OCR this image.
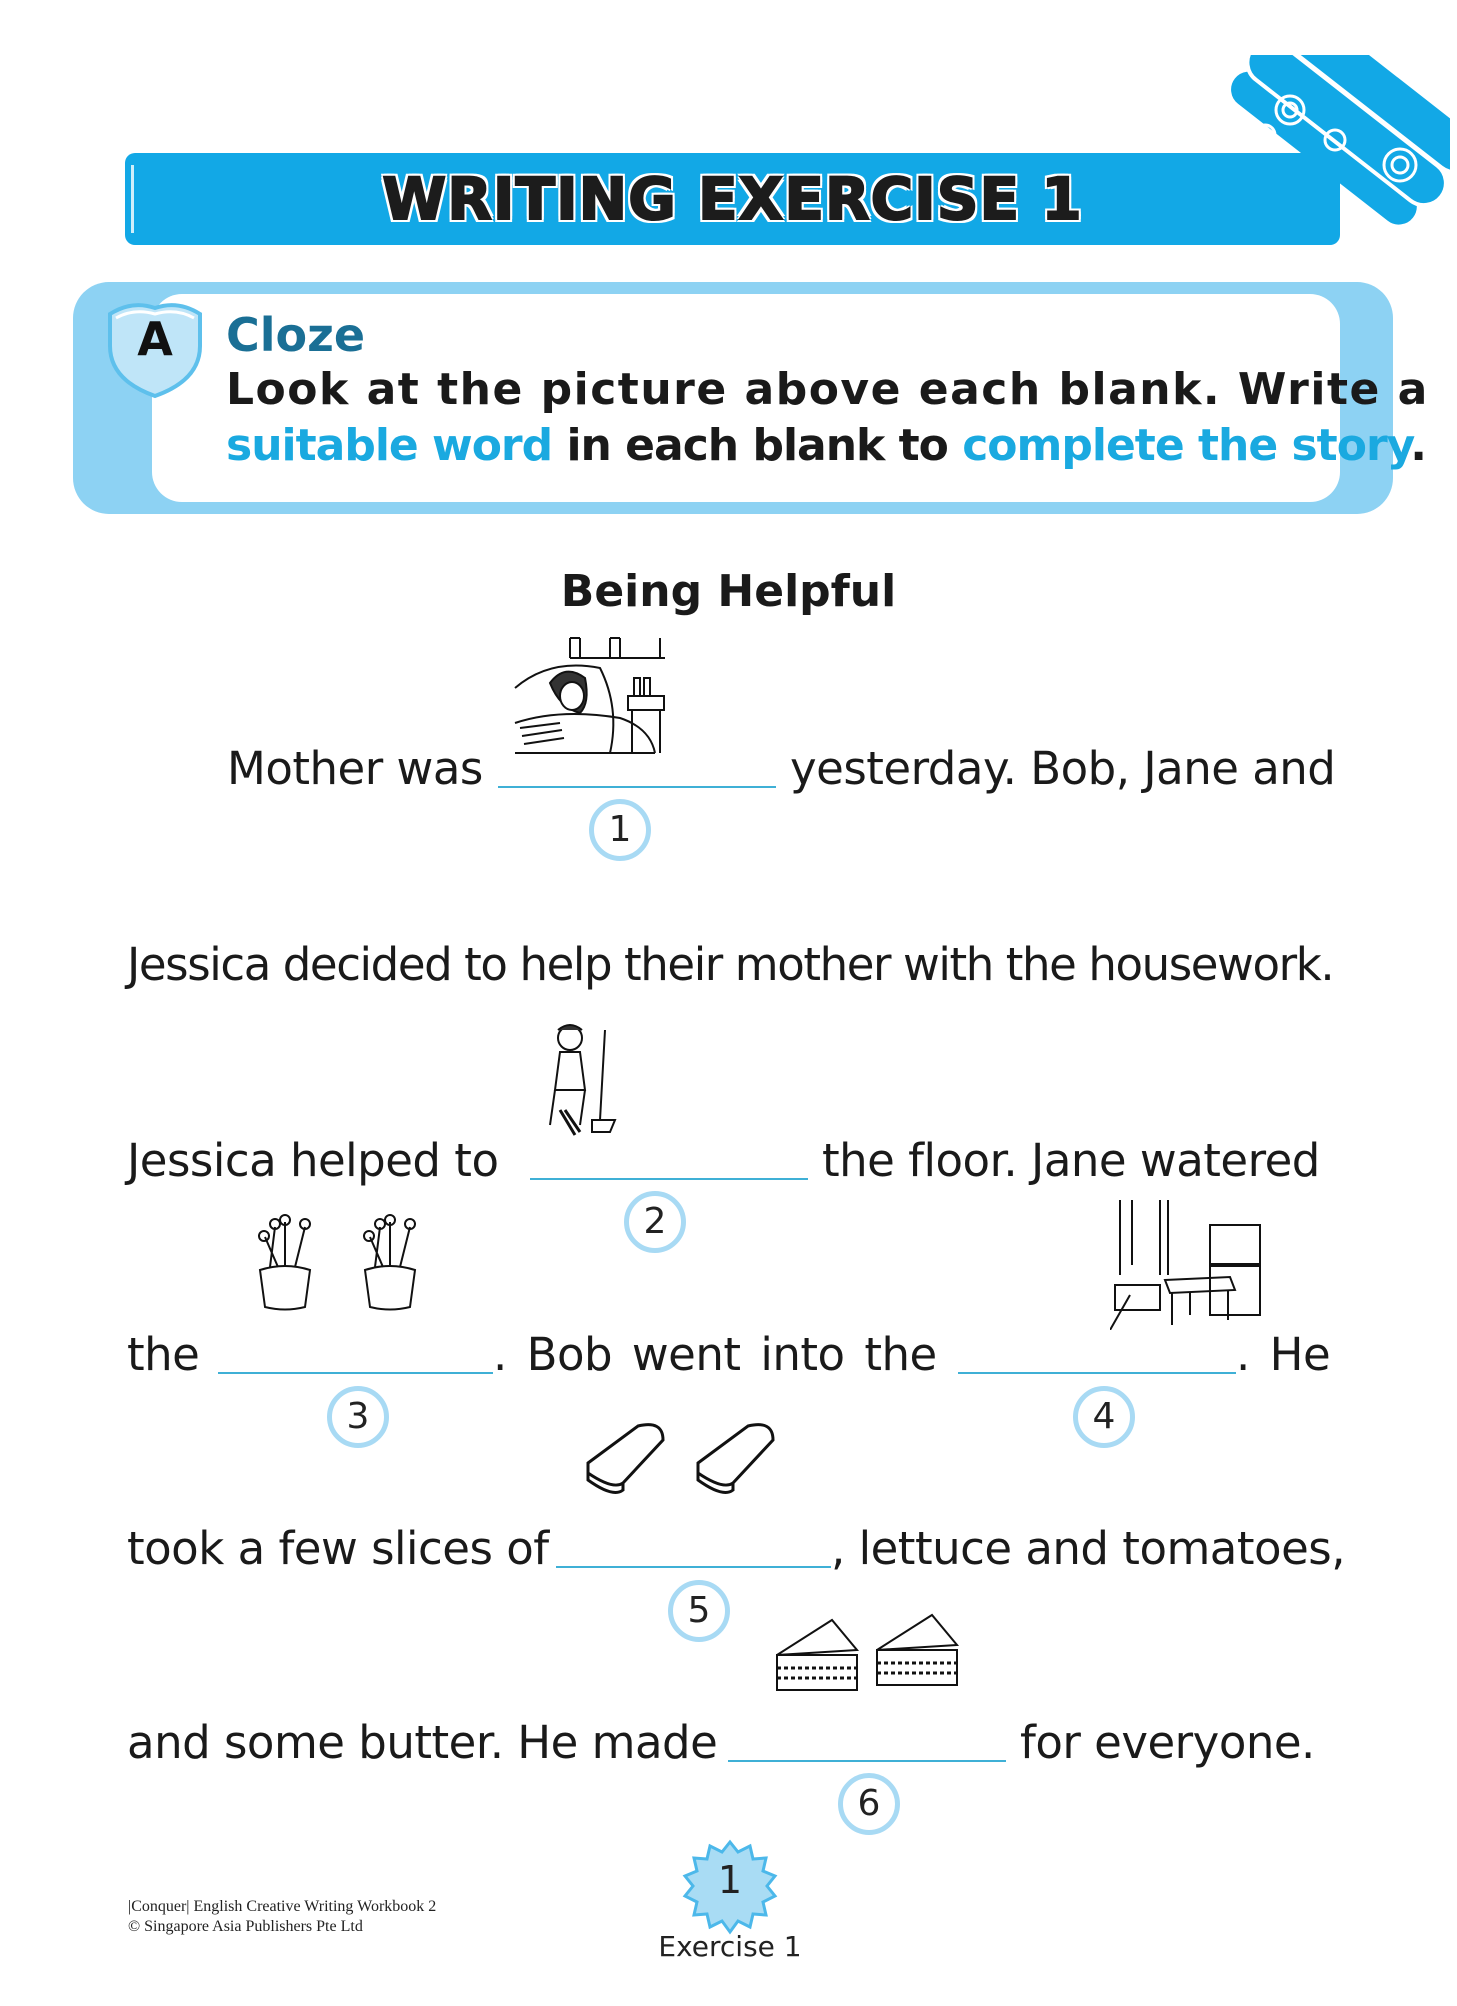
WRITING EXERCISE 1
A	Cloze
Look at the picture above each blank. Write a
suitable word in each blank to complete the story.
Being Helpful
Mother was	yesterday. Bob, Jane and
1
Jessica decided to help their mother with the housework.
Jessica helped to	the floor. Jane watered
2
the	. Bob went into the	. He
3	4
took a few slices of	, lettuce and tomatoes,
5
and some butter. He made	for everyone.
6
|Conquer| English Creative Writing Workbook 2
© Singapore Asia Publishers Pte Ltd
1
Exercise 1
